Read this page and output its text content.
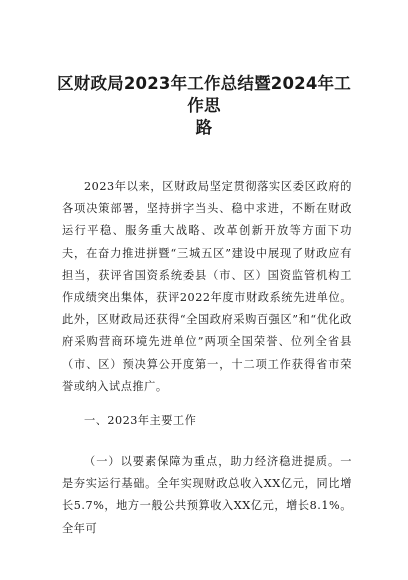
区财政局2023年工作总结暨2024年工作思
路
2023年以来，区财政局坚定贯彻落实区委区政府的各项决策部署，坚持拼字当头、稳中求进，不断在财政运行平稳、服务重大战略、改革创新开放等方面下功夫，在奋力推进拼暨“三城五区”建设中展现了财政应有担当，获评省国资系统委县（市、区）国资监管机构工作成绩突出集体，获评2022年度市财政系统先进单位。此外，区财政局还获得“全国政府采购百强区”和“优化政府采购营商环境先进单位”两项全国荣誉、位列全省县（市、区）预决算公开度第一，十二项工作获得省市荣誉或纳入试点推广。
一、2023年主要工作
（一）以要素保障为重点，助力经济稳进提质。一是夯实运行基础。全年实现财政总收入XX亿元，同比增长5.7%，地方一般公共预算收入XX亿元，增长8.1%。全年可
